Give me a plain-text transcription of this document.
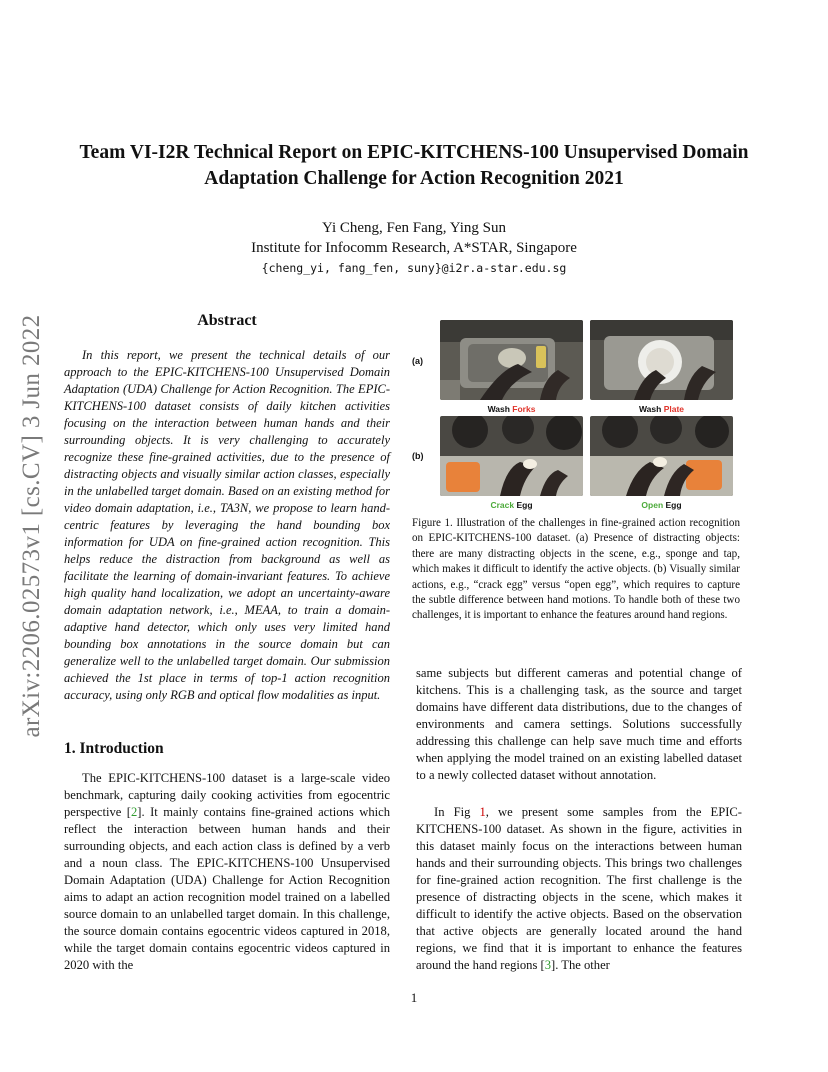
Team VI-I2R Technical Report on EPIC-KITCHENS-100 Unsupervised Domain Adaptation Challenge for Action Recognition 2021
Yi Cheng, Fen Fang, Ying Sun
Institute for Infocomm Research, A*STAR, Singapore
{cheng_yi, fang_fen, suny}@i2r.a-star.edu.sg
arXiv:2206.02573v1 [cs.CV] 3 Jun 2022	Abstract

In this report, we present the technical details of our approach to the EPIC-KITCHENS-100 Unsupervised Domain Adaptation (UDA) Challenge for Action Recognition. The EPIC-KITCHENS-100 dataset consists of daily kitchen activities focusing on the interaction between human hands and their surrounding objects. It is very challenging to accurately recognize these fine-grained activities, due to the presence of distracting objects and visually similar action classes, especially in the unlabelled target domain. Based on an existing method for video domain adaptation, i.e., TA3N, we propose to learn hand-centric features by leveraging the hand bounding box information for UDA on fine-grained action recognition. This helps reduce the distraction from background as well as facilitate the learning of domain-invariant features. To achieve high quality hand localization, we adopt an uncertainty-aware domain adaptation network, i.e., MEAA, to train a domain-adaptive hand detector, which only uses very limited hand bounding box annotations in the source domain but can generalize well to the unlabelled target domain. Our submission achieved the 1st place in terms of top-1 action recognition accuracy, using only RGB and optical flow modalities as input.

1. Introduction

The EPIC-KITCHENS-100 dataset is a large-scale video benchmark, capturing daily cooking activities from egocentric perspective [2]. It mainly contains fine-grained actions which reflect the interaction between human hands and their surrounding objects, and each action class is defined by a verb and a noun class. The EPIC-KITCHENS-100 Unsupervised Domain Adaptation (UDA) Challenge for Action Recognition aims to adapt an action recognition model trained on a labelled source domain to an unlabelled target domain. In this challenge, the source domain contains egocentric videos captured in 2018, while the target domain contains egocentric videos captured in 2020 with the

(a)
(b)
Wash Forks	Wash Plate
Crack Egg	Open Egg

Figure 1. Illustration of the challenges in fine-grained action recognition on EPIC-KITCHENS-100 dataset. (a) Presence of distracting objects: there are many distracting objects in the scene, e.g., sponge and tap, which makes it difficult to identify the active objects. (b) Visually similar actions, e.g., “crack egg” versus “open egg”, which requires to capture the subtle difference between hand motions. To handle both of these two challenges, it is important to enhance the features around hand regions.

same subjects but different cameras and potential change of kitchens. This is a challenging task, as the source and target domains have different data distributions, due to the changes of environments and camera settings. Solutions successfully addressing this challenge can help save much time and efforts when applying the model trained on an existing labelled dataset to a newly collected dataset without annotation.

In Fig 1, we present some samples from the EPIC-KITCHENS-100 dataset. As shown in the figure, activities in this dataset mainly focus on the interactions between human hands and their surrounding objects. This brings two challenges for fine-grained action recognition. The first challenge is the presence of distracting objects in the scene, which makes it difficult to identify the active objects. Based on the observation that active objects are generally located around the hand regions, we find that it is important to enhance the features around the hand regions [3]. The other

1
